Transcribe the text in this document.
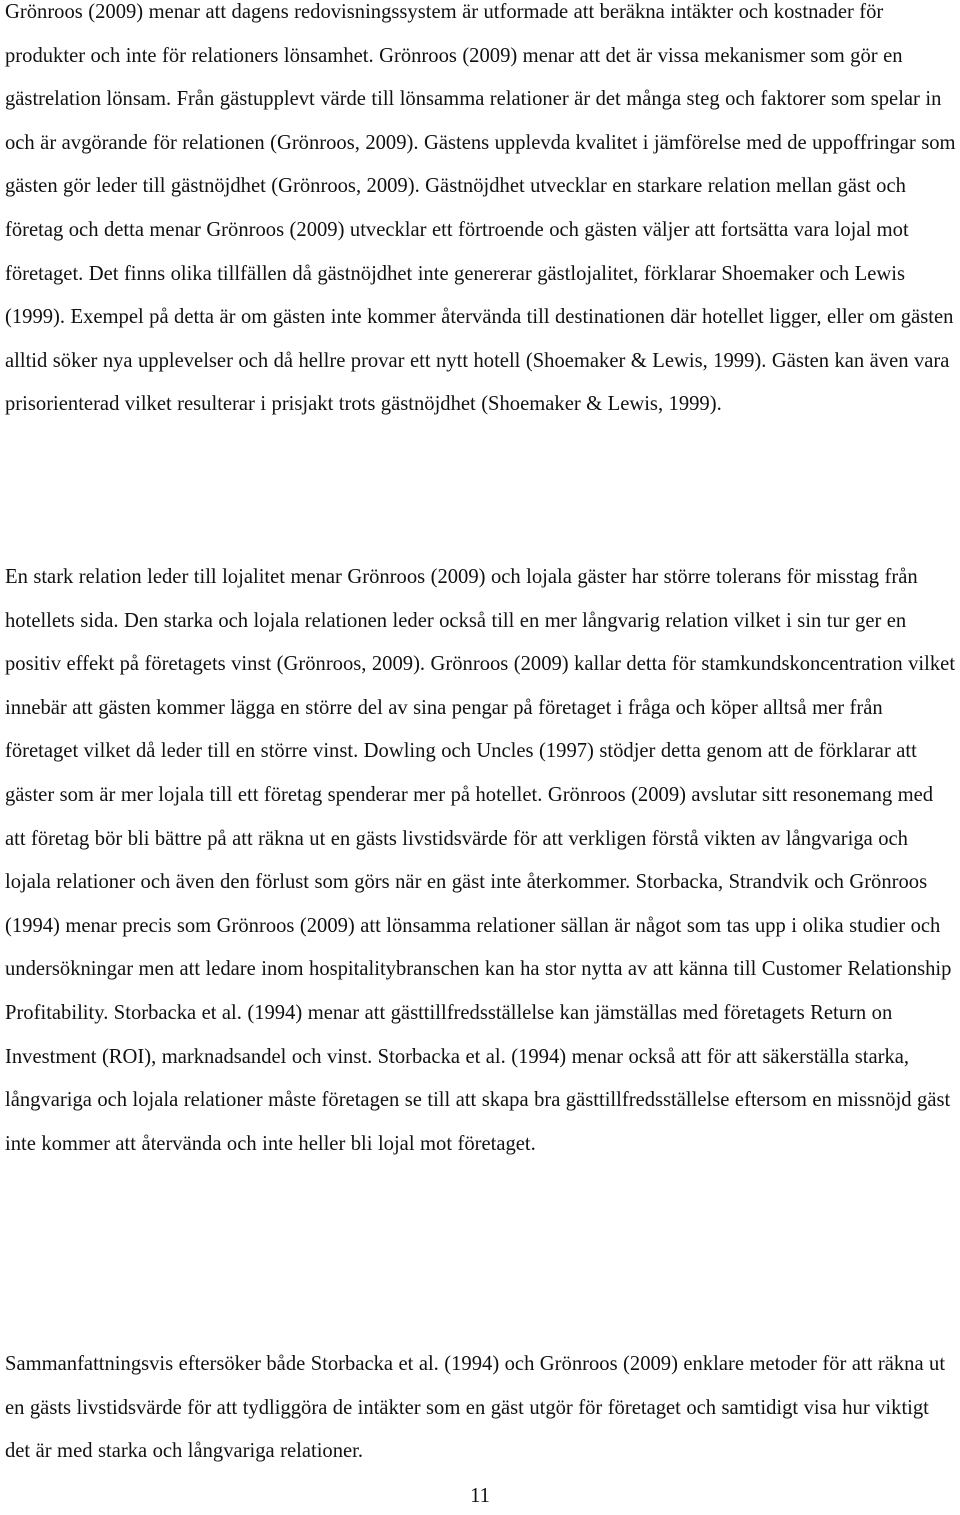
Grönroos (2009) menar att dagens redovisningssystem är utformade att beräkna intäkter och kostnader för produkter och inte för relationers lönsamhet. Grönroos (2009) menar att det är vissa mekanismer som gör en gästrelation lönsam. Från gästupplevt värde till lönsamma relationer är det många steg och faktorer som spelar in och är avgörande för relationen (Grönroos, 2009). Gästens upplevda kvalitet i jämförelse med de uppoffringar som gästen gör leder till gästnöjdhet (Grönroos, 2009). Gästnöjdhet utvecklar en starkare relation mellan gäst och företag och detta menar Grönroos (2009) utvecklar ett förtroende och gästen väljer att fortsätta vara lojal mot företaget. Det finns olika tillfällen då gästnöjdhet inte genererar gästlojalitet, förklarar Shoemaker och Lewis (1999). Exempel på detta är om gästen inte kommer återvända till destinationen där hotellet ligger, eller om gästen alltid söker nya upplevelser och då hellre provar ett nytt hotell (Shoemaker & Lewis, 1999). Gästen kan även vara prisorienterad vilket resulterar i prisjakt trots gästnöjdhet (Shoemaker & Lewis, 1999).

En stark relation leder till lojalitet menar Grönroos (2009) och lojala gäster har större tolerans för misstag från hotellets sida. Den starka och lojala relationen leder också till en mer långvarig relation vilket i sin tur ger en positiv effekt på företagets vinst (Grönroos, 2009). Grönroos (2009) kallar detta för stamkundskoncentration vilket innebär att gästen kommer lägga en större del av sina pengar på företaget i fråga och köper alltså mer från företaget vilket då leder till en större vinst. Dowling och Uncles (1997) stödjer detta genom att de förklarar att gäster som är mer lojala till ett företag spenderar mer på hotellet. Grönroos (2009) avslutar sitt resonemang med att företag bör bli bättre på att räkna ut en gästs livstidsvärde för att verkligen förstå vikten av långvariga och lojala relationer och även den förlust som görs när en gäst inte återkommer. Storbacka, Strandvik och Grönroos (1994) menar precis som Grönroos (2009) att lönsamma relationer sällan är något som tas upp i olika studier och undersökningar men att ledare inom hospitalitybranschen kan ha stor nytta av att känna till Customer Relationship Profitability. Storbacka et al. (1994) menar att gästtillfredsställelse kan jämställas med företagets Return on Investment (ROI), marknadsandel och vinst. Storbacka et al. (1994) menar också att för att säkerställa starka, långvariga och lojala relationer måste företagen se till att skapa bra gästtillfredsställelse eftersom en missnöjd gäst inte kommer att återvända och inte heller bli lojal mot företaget.

Sammanfattningsvis eftersöker både Storbacka et al. (1994) och Grönroos (2009) enklare metoder för att räkna ut en gästs livstidsvärde för att tydliggöra de intäkter som en gäst utgör för företaget och samtidigt visa hur viktigt det är med starka och långvariga relationer.

11
